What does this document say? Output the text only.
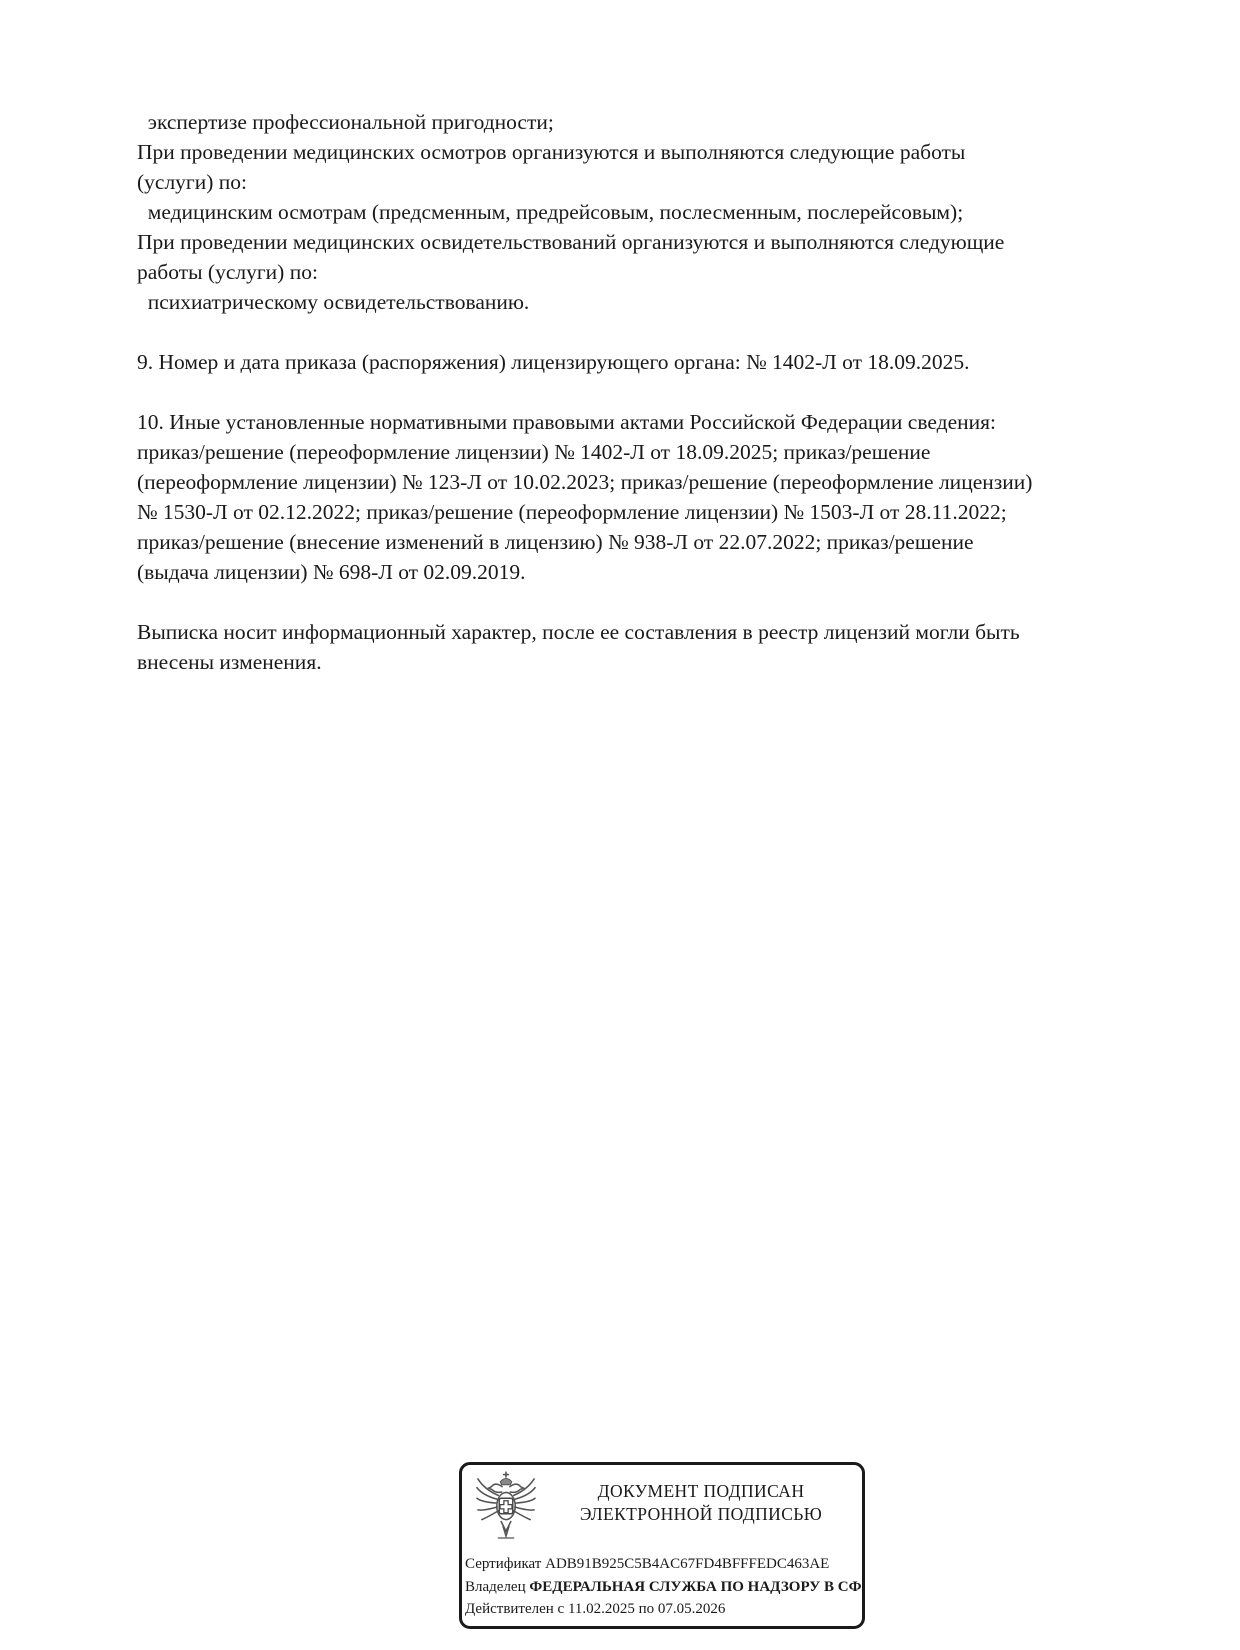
экспертизе профессиональной пригодности;
При проведении медицинских осмотров организуются и выполняются следующие работы
(услуги) по:
медицинским осмотрам (предсменным, предрейсовым, послесменным, послерейсовым);
При проведении медицинских освидетельствований организуются и выполняются следующие
работы (услуги) по:
психиатрическому освидетельствованию.
9. Номер и дата приказа (распоряжения) лицензирующего органа: № 1402-Л от 18.09.2025.
10. Иные установленные нормативными правовыми актами Российской Федерации сведения:
приказ/решение (переоформление лицензии) № 1402-Л от 18.09.2025; приказ/решение
(переоформление лицензии) № 123-Л от 10.02.2023; приказ/решение (переоформление лицензии)
№ 1530-Л от 02.12.2022; приказ/решение (переоформление лицензии) № 1503-Л от 28.11.2022;
приказ/решение (внесение изменений в лицензию) № 938-Л от 22.07.2022; приказ/решение
(выдача лицензии) № 698-Л от 02.09.2019.
Выписка носит информационный характер, после ее составления в реестр лицензий могли быть
внесены изменения.
ДОКУМЕНТ ПОДПИСАН
ЭЛЕКТРОННОЙ ПОДПИСЬЮ
Сертификат ADB91B925C5B4AC67FD4BFFFEDC463AE
Владелец ФЕДЕРАЛЬНАЯ СЛУЖБА ПО НАДЗОРУ В СФ
Действителен с 11.02.2025 по 07.05.2026
